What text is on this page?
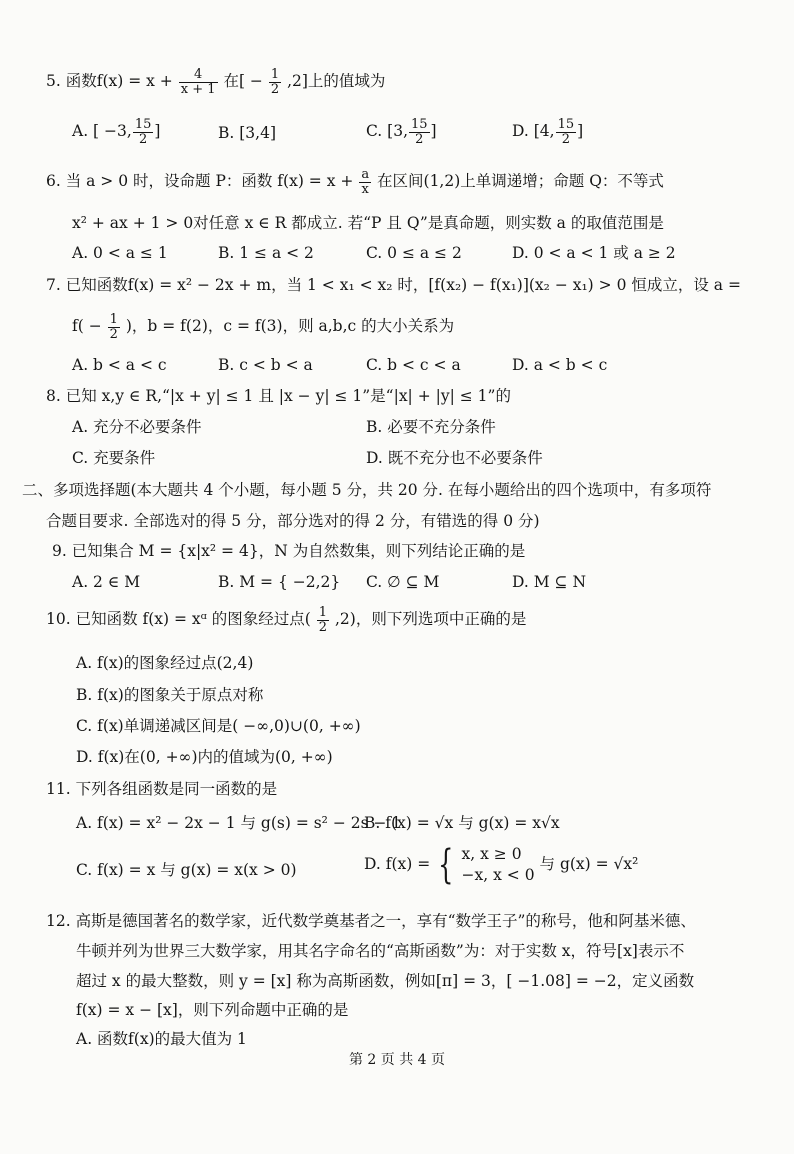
5. 函数$f(x) = x + \frac{4}{x + 1}$ 在[ − $\frac{1}{2} ,2$]上的值域为
A. [ −3, $\frac{15}{2}$ ]	B. [3,4]	C. [3, $\frac{15}{2}$ ]	D. [4, $\frac{15}{2}$ ]
6. 当 a > 0 时，设命题 P：函数 $f(x) = x + \frac{a}{x}$ 在区间(1,2)上单调递增；命题 Q：不等式
x² + ax + 1 > 0对任意 x ∈ R 都成立. 若“P 且 Q”是真命题，则实数 a 的取值范围是
A. 0 < a ≤ 1	B. 1 ≤ a < 2	C. 0 ≤ a ≤ 2	D. 0 < a < 1 或 a ≥ 2
7. 已知函数f(x) = x² − 2x + m，当 1 < x₁ < x₂ 时，[f(x₂) − f(x₁)](x₂ − x₁) > 0 恒成立，设 a =
$f( - \frac{1}{2}$ )，b = f(2)，c = f(3)，则 a,b,c 的大小关系为
A. b < a < c	B. c < b < a	C. b < c < a	D. a < b < c
8. 已知 x,y ∈ R,“|x + y| ≤ 1 且 |x − y| ≤ 1”是“|x| + |y| ≤ 1”的
A. 充分不必要条件	B. 必要不充分条件
C. 充要条件	D. 既不充分也不必要条件
二、多项选择题(本大题共 4 个小题，每小题 5 分，共 20 分. 在每小题给出的四个选项中，有多项符
合题目要求. 全部选对的得 5 分，部分选对的得 2 分，有错选的得 0 分)
9. 已知集合 M = {x|x² = 4}，N 为自然数集，则下列结论正确的是
A. 2 ∈ M	B. M = { −2,2} C. ∅ ⊆ M	D. M ⊆ N
10. 已知函数 f(x) = xᵅ 的图象经过点( $\frac{1}{2} ,2$)，则下列选项中正确的是
A. f(x)的图象经过点(2,4)
B. f(x)的图象关于原点对称
C. f(x)单调递减区间是( −∞,0)∪(0, +∞)
D. f(x)在(0, +∞)内的值域为(0, +∞)
11. 下列各组函数是同一函数的是
A. f(x) = x² − 2x − 1 与 g(s) = s² − 2s − 1
B. f(x) = √x 与 g(x) = x√x
C. f(x) = x 与 g(x) = x(x > 0)	D. f(x) = { x, x ≥ 0
−x, x < 0
与 g(x) = √x²
12. 高斯是德国著名的数学家，近代数学奠基者之一，享有“数学王子”的称号，他和阿基米德、
牛顿并列为世界三大数学家，用其名字命名的“高斯函数”为：对于实数 x，符号[x]表示不
超过 x 的最大整数，则 y = [x] 称为高斯函数，例如[π] = 3，[ −1.08] = −2，定义函数
f(x) = x − [x]，则下列命题中正确的是
A. 函数f(x)的最大值为 1
第 2 页 共 4 页
